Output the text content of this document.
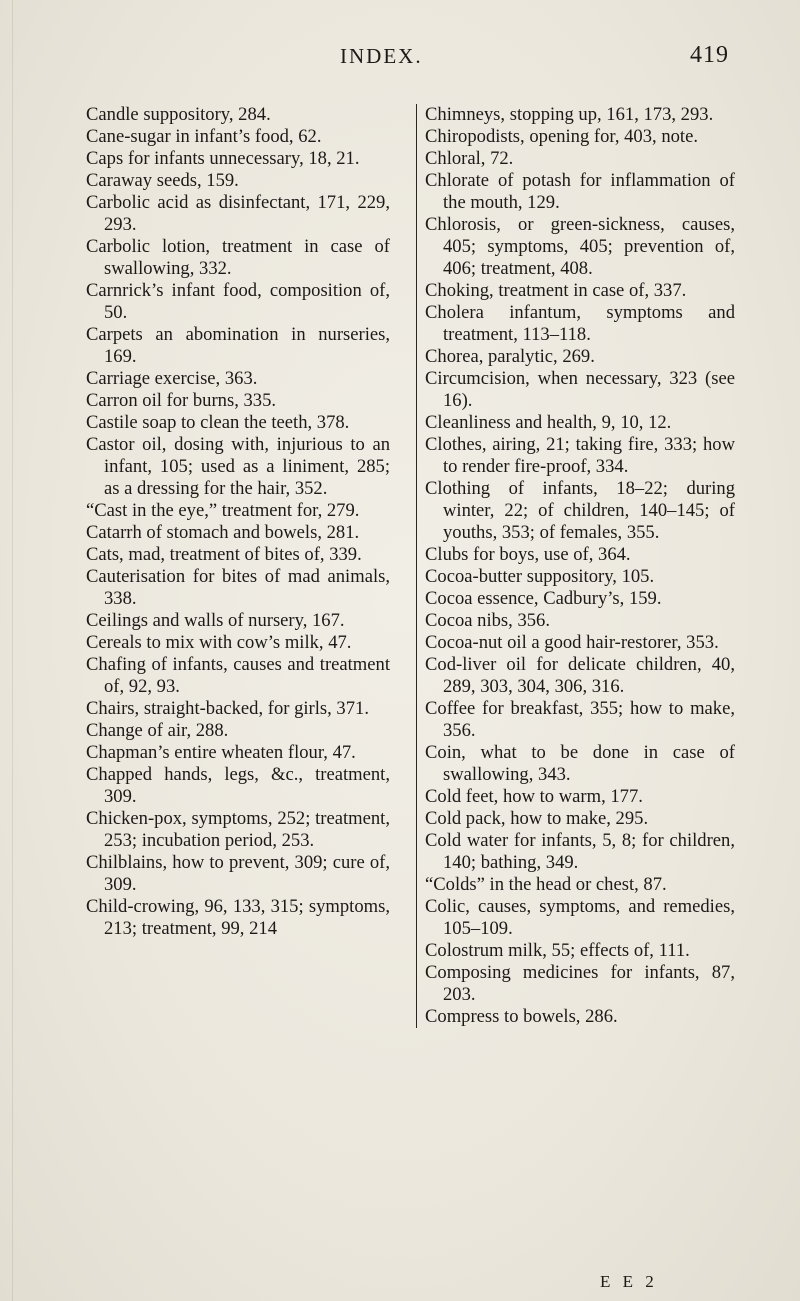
INDEX.	419

Candle suppository, 284.

Cane-sugar in infant’s food, 62.

Caps for infants unnecessary, 18, 21.

Caraway seeds, 159.

Carbolic acid as disinfectant, 171, 229, 293.

Carbolic lotion, treatment in case of swallowing, 332.

Carnrick’s infant food, composition of, 50.

Carpets an abomination in nurseries, 169.

Carriage exercise, 363.

Carron oil for burns, 335.

Castile soap to clean the teeth, 378.

Castor oil, dosing with, injurious to an infant, 105; used as a liniment, 285; as a dressing for the hair, 352.

“Cast in the eye,” treatment for, 279.

Catarrh of stomach and bowels, 281.

Cats, mad, treatment of bites of, 339.

Cauterisation for bites of mad animals, 338.

Ceilings and walls of nursery, 167.

Cereals to mix with cow’s milk, 47.

Chafing of infants, causes and treatment of, 92, 93.

Chairs, straight-backed, for girls, 371.

Change of air, 288.

Chapman’s entire wheaten flour, 47.

Chapped hands, legs, &c., treatment, 309.

Chicken-pox, symptoms, 252; treatment, 253; incubation period, 253.

Chilblains, how to prevent, 309; cure of, 309.

Child-crowing, 96, 133, 315; symptoms, 213; treatment, 99, 214

Chimneys, stopping up, 161, 173, 293.

Chiropodists, opening for, 403, note.

Chloral, 72.

Chlorate of potash for inflammation of the mouth, 129.

Chlorosis, or green-sickness, causes, 405; symptoms, 405; prevention of, 406; treatment, 408.

Choking, treatment in case of, 337.

Cholera infantum, symptoms and treatment, 113–118.

Chorea, paralytic, 269.

Circumcision, when necessary, 323 (see 16).

Cleanliness and health, 9, 10, 12.

Clothes, airing, 21; taking fire, 333; how to render fire-proof, 334.

Clothing of infants, 18–22; during winter, 22; of children, 140–145; of youths, 353; of females, 355.

Clubs for boys, use of, 364.

Cocoa-butter suppository, 105.

Cocoa essence, Cadbury’s, 159.

Cocoa nibs, 356.

Cocoa-nut oil a good hair-restorer, 353.

Cod-liver oil for delicate children, 40, 289, 303, 304, 306, 316.

Coffee for breakfast, 355; how to make, 356.

Coin, what to be done in case of swallowing, 343.

Cold feet, how to warm, 177.

Cold pack, how to make, 295.

Cold water for infants, 5, 8; for children, 140; bathing, 349.

“Colds” in the head or chest, 87.

Colic, causes, symptoms, and remedies, 105–109.

Colostrum milk, 55; effects of, 111.

Composing medicines for infants, 87, 203.

Compress to bowels, 286.

E E 2
